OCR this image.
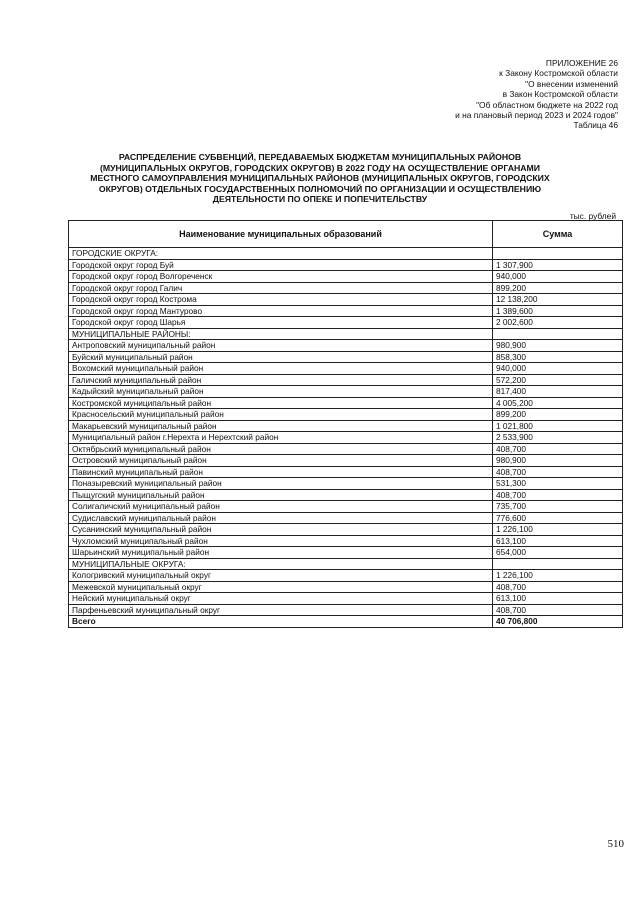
ПРИЛОЖЕНИЕ 26
к Закону Костромской области
"О внесении изменений
в Закон Костромской области
"Об областном бюджете на 2022 год
и на плановый период 2023 и 2024 годов"
Таблица 46
РАСПРЕДЕЛЕНИЕ СУБВЕНЦИЙ, ПЕРЕДАВАЕМЫХ БЮДЖЕТАМ МУНИЦИПАЛЬНЫХ РАЙОНОВ
(МУНИЦИПАЛЬНЫХ ОКРУГОВ, ГОРОДСКИХ ОКРУГОВ) В 2022 ГОДУ НА ОСУЩЕСТВЛЕНИЕ ОРГАНАМИ
МЕСТНОГО САМОУПРАВЛЕНИЯ МУНИЦИПАЛЬНЫХ РАЙОНОВ (МУНИЦИПАЛЬНЫХ ОКРУГОВ, ГОРОДСКИХ
ОКРУГОВ) ОТДЕЛЬНЫХ ГОСУДАРСТВЕННЫХ ПОЛНОМОЧИЙ ПО ОРГАНИЗАЦИИ И ОСУЩЕСТВЛЕНИЮ
ДЕЯТЕЛЬНОСТИ ПО ОПЕКЕ И ПОПЕЧИТЕЛЬСТВУ
тыс. рублей
Наименование муниципальных образований	Сумма
ГОРОДСКИЕ ОКРУГА:	
Городской округ город Буй	1 307,900
Городской округ город Волгореченск	940,000
Городской округ город Галич	899,200
Городской округ город Кострома	12 138,200
Городской округ город Мантурово	1 389,600
Городской округ город Шарья	2 002,600
МУНИЦИПАЛЬНЫЕ РАЙОНЫ:	
Антроповский муниципальный район	980,900
Буйский муниципальный район	858,300
Вохомский муниципальный район	940,000
Галичский муниципальный район	572,200
Кадыйский муниципальный район	817,400
Костромской муниципальный район	4 005,200
Красносельский муниципальный район	899,200
Макарьевский муниципальный район	1 021,800
Муниципальный район г.Нерехта и Нерехтский район	2 533,900
Октябрьский муниципальный район	408,700
Островский муниципальный район	980,900
Павинский муниципальный район	408,700
Поназыревский муниципальный район	531,300
Пыщугский муниципальный район	408,700
Солигаличский муниципальный район	735,700
Судиславский муниципальный район	776,600
Сусанинский муниципальный район	1 226,100
Чухломский муниципальный район	613,100
Шарьинский муниципальный район	654,000
МУНИЦИПАЛЬНЫЕ ОКРУГА:	
Кологривский муниципальный округ	1 226,100
Межевской муниципальный округ	408,700
Нейский муниципальный округ	613,100
Парфеньевский муниципальный округ	408,700
Всего	40 706,800
510
